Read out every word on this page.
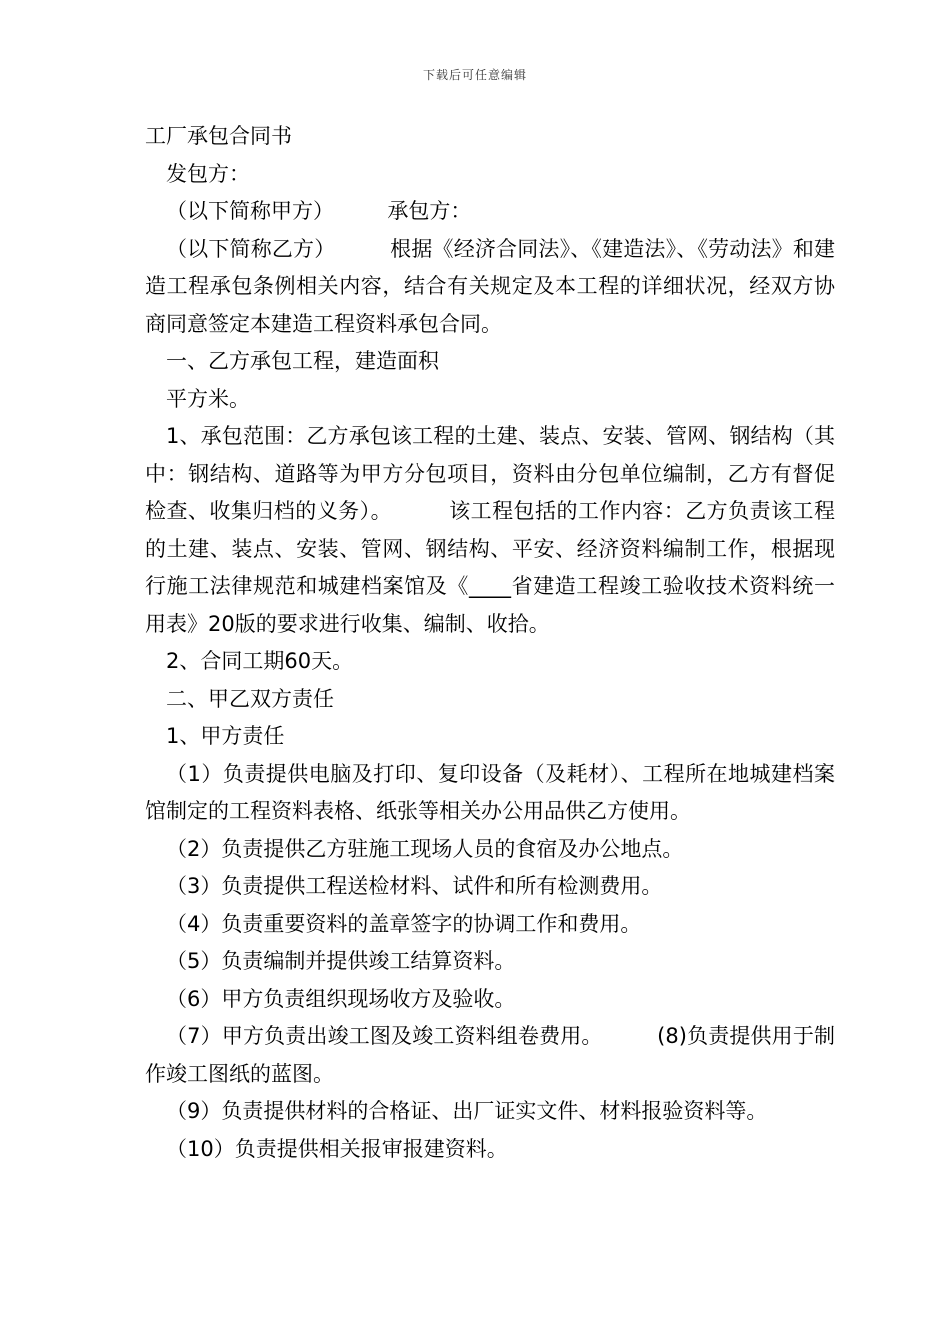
下载后可任意编辑

工厂承包合同书

发包方：

（以下简称甲方）        承包方：

（以下简称乙方）        根据《经济合同法》、《建造法》、《劳动法》和建造工程承包条例相关内容，结合有关规定及本工程的详细状况，经双方协商同意签定本建造工程资料承包合同。

一、乙方承包工程，建造面积

平方米。

1、承包范围：乙方承包该工程的土建、装点、安装、管网、钢结构（其中：钢结构、道路等为甲方分包项目，资料由分包单位编制，乙方有督促检查、收集归档的义务）。        该工程包括的工作内容：乙方负责该工程的土建、装点、安装、管网、钢结构、平安、经济资料编制工作，根据现行施工法律规范和城建档案馆及《____省建造工程竣工验收技术资料统一用表》20版的要求进行收集、编制、收拾。

2、合同工期60天。

二、甲乙双方责任

1、甲方责任

（1）负责提供电脑及打印、复印设备（及耗材）、工程所在地城建档案馆制定的工程资料表格、纸张等相关办公用品供乙方使用。

（2）负责提供乙方驻施工现场人员的食宿及办公地点。

（3）负责提供工程送检材料、试件和所有检测费用。

（4）负责重要资料的盖章签字的协调工作和费用。

（5）负责编制并提供竣工结算资料。

（6）甲方负责组织现场收方及验收。

（7）甲方负责出竣工图及竣工资料组卷费用。        (8)负责提供用于制作竣工图纸的蓝图。

（9）负责提供材料的合格证、出厂证实文件、材料报验资料等。

（10）负责提供相关报审报建资料。
